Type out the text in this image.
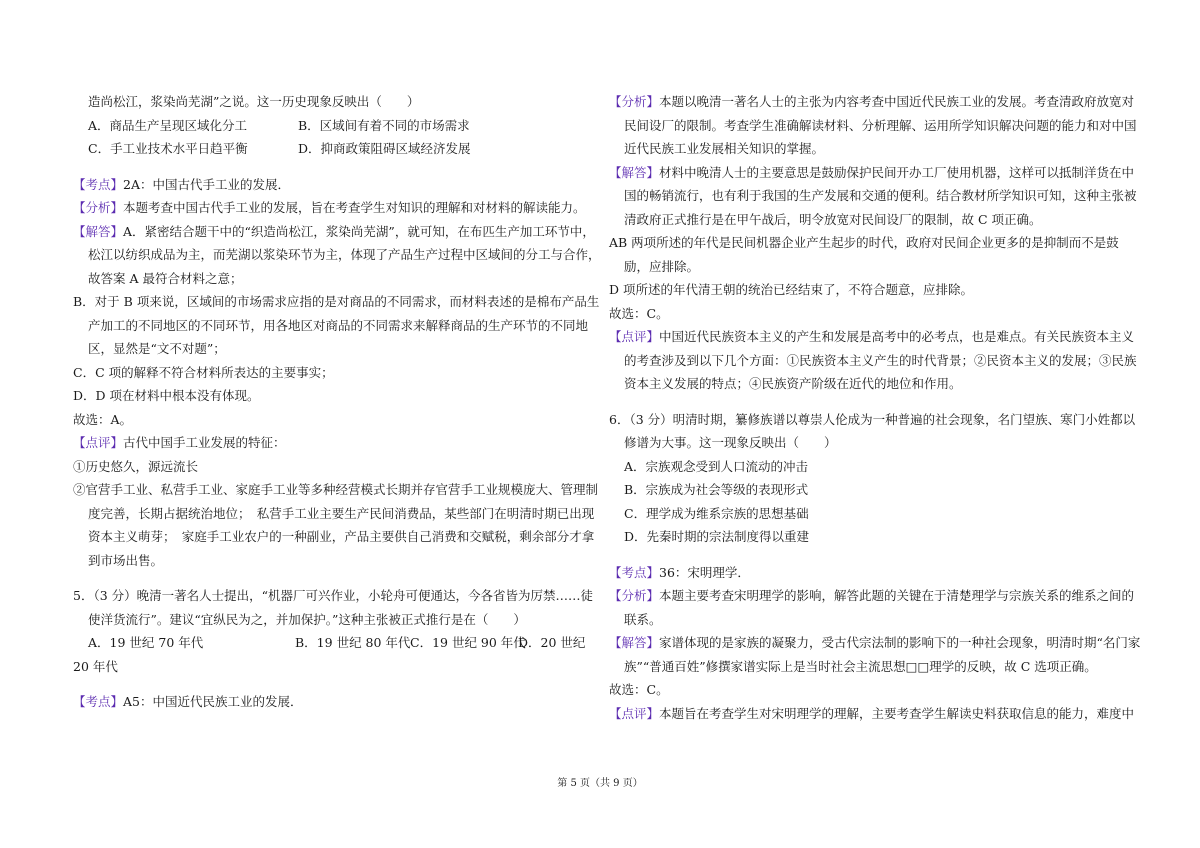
造尚松江，浆染尚芜湖”之说。这一历史现象反映出（　　）
A．商品生产呈现区域化分工	B．区域间有着不同的市场需求
C．手工业技术水平日趋平衡	D．抑商政策阻碍区域经济发展
【考点】2A：中国古代手工业的发展．
【分析】本题考查中国古代手工业的发展，旨在考查学生对知识的理解和对材料的解读能力。
【解答】A．紧密结合题干中的“织造尚松江，浆染尚芜湖”，就可知，在布匹生产加工环节中，
松江以纺织成品为主，而芜湖以浆染环节为主，体现了产品生产过程中区域间的分工与合作，
故答案 A 最符合材料之意；
B．对于 B 项来说，区域间的市场需求应指的是对商品的不同需求，而材料表述的是棉布产品生
产加工的不同地区的不同环节，用各地区对商品的不同需求来解释商品的生产环节的不同地
区，显然是“文不对题”；
C．C 项的解释不符合材料所表达的主要事实；
D．D 项在材料中根本没有体现。
故选：A。
【点评】古代中国手工业发展的特征：
①历史悠久，源远流长
②官营手工业、私营手工业、家庭手工业等多种经营模式长期并存官营手工业规模庞大、管理制
度完善，长期占据统治地位；　私营手工业主要生产民间消费品，某些部门在明清时期已出现
资本主义萌芽；　家庭手工业农户的一种副业，产品主要供自己消费和交赋税，剩余部分才拿
到市场出售。
5．（3 分）晚清一著名人士提出，“机器厂可兴作业，小轮舟可便通达，今各省皆为厉禁……徒
使洋货流行”。建议“宜纵民为之，并加保护。”这种主张被正式推行是在（　　）
A．19 世纪 70 年代	B．19 世纪 80 年代C．19 世纪 90 年代D．20 世纪
20 年代
【考点】A5：中国近代民族工业的发展．
【分析】本题以晚清一著名人士的主张为内容考查中国近代民族工业的发展。考查清政府放宽对
民间设厂的限制。考查学生准确解读材料、分析理解、运用所学知识解决问题的能力和对中国
近代民族工业发展相关知识的掌握。
【解答】材料中晚清人士的主要意思是鼓励保护民间开办工厂使用机器，这样可以抵制洋货在中
国的畅销流行，也有利于我国的生产发展和交通的便利。结合教材所学知识可知，这种主张被
清政府正式推行是在甲午战后，明令放宽对民间设厂的限制，故 C 项正确。
AB 两项所述的年代是民间机器企业产生起步的时代，政府对民间企业更多的是抑制而不是鼓
励，应排除。
D 项所述的年代清王朝的统治已经结束了，不符合题意，应排除。
故选：C。
【点评】中国近代民族资本主义的产生和发展是高考中的必考点，也是难点。有关民族资本主义
的考查涉及到以下几个方面：①民族资本主义产生的时代背景；②民资本主义的发展；③民族
资本主义发展的特点；④民族资产阶级在近代的地位和作用。
6．（3 分）明清时期，纂修族谱以尊崇人伦成为一种普遍的社会现象，名门望族、寒门小姓都以
修谱为大事。这一现象反映出（　　）
A．宗族观念受到人口流动的冲击
B．宗族成为社会等级的表现形式
C．理学成为维系宗族的思想基础
D．先秦时期的宗法制度得以重建
【考点】36：宋明理学．
【分析】本题主要考查宋明理学的影响，解答此题的关键在于清楚理学与宗族关系的维系之间的
联系。
【解答】家谱体现的是家族的凝聚力，受古代宗法制的影响下的一种社会现象，明清时期“名门家
族”“普通百姓”修撰家谱实际上是当时社会主流思想□□理学的反映，故 C 选项正确。
故选：C。
【点评】本题旨在考查学生对宋明理学的理解，主要考查学生解读史料获取信息的能力，难度中
第 5 页（共 9 页）
